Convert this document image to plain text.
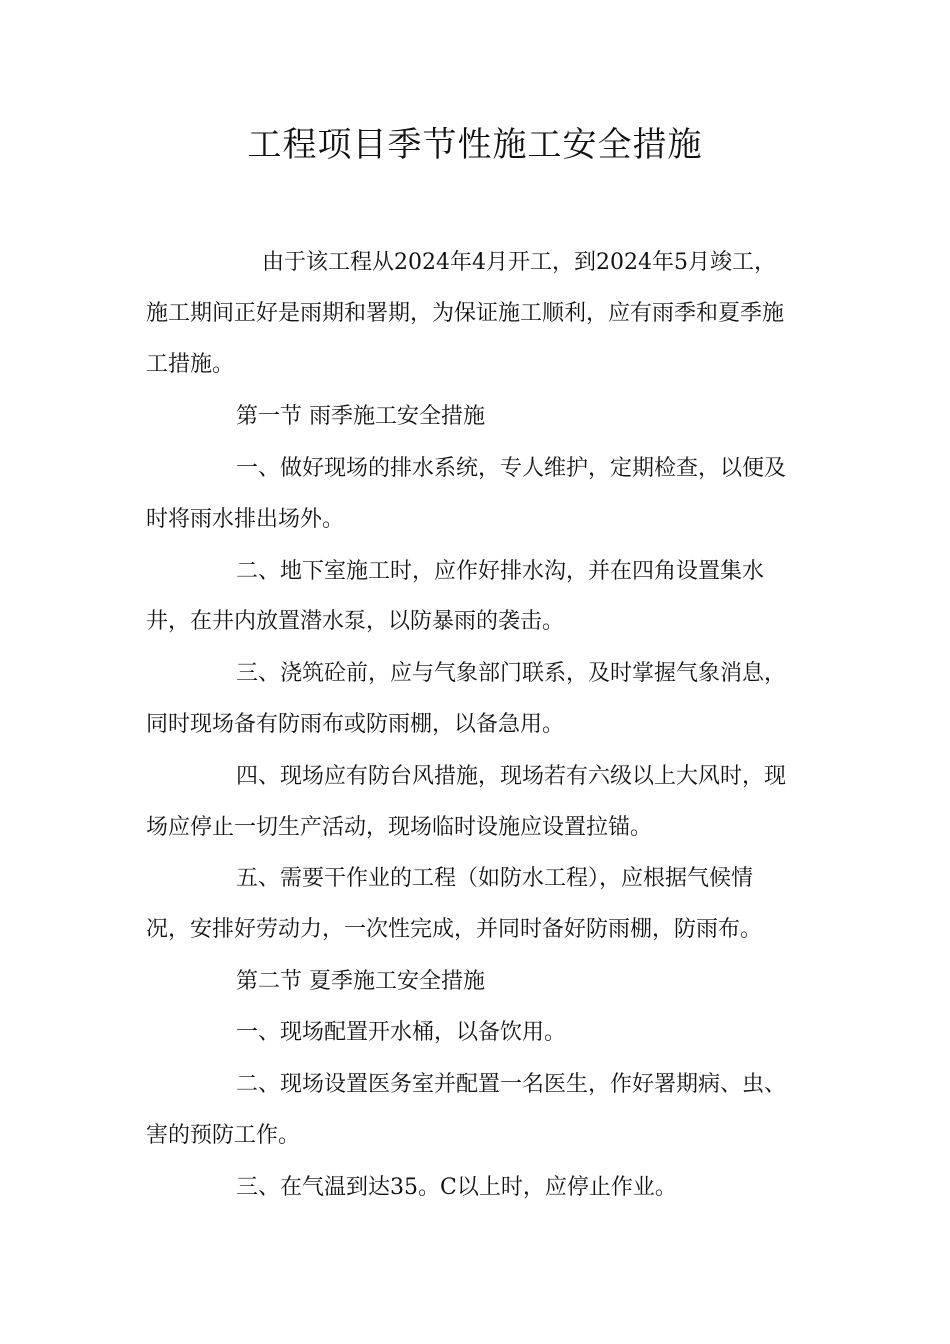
工程项目季节性施工安全措施
由于该工程从2024年4月开工，到2024年5月竣工，
施工期间正好是雨期和署期，为保证施工顺利，应有雨季和夏季施
工措施。
第一节 雨季施工安全措施
一、做好现场的排水系统，专人维护，定期检查，以便及
时将雨水排出场外。
二、地下室施工时，应作好排水沟，并在四角设置集水
井，在井内放置潜水泵，以防暴雨的袭击。
三、浇筑砼前，应与气象部门联系，及时掌握气象消息，
同时现场备有防雨布或防雨棚，以备急用。
四、现场应有防台风措施，现场若有六级以上大风时，现
场应停止一切生产活动，现场临时设施应设置拉锚。
五、需要干作业的工程（如防水工程），应根据气候情
况，安排好劳动力，一次性完成，并同时备好防雨棚，防雨布。
第二节 夏季施工安全措施
一、现场配置开水桶，以备饮用。
二、现场设置医务室并配置一名医生，作好署期病、虫、
害的预防工作。
三、在气温到达35。C以上时，应停止作业。
